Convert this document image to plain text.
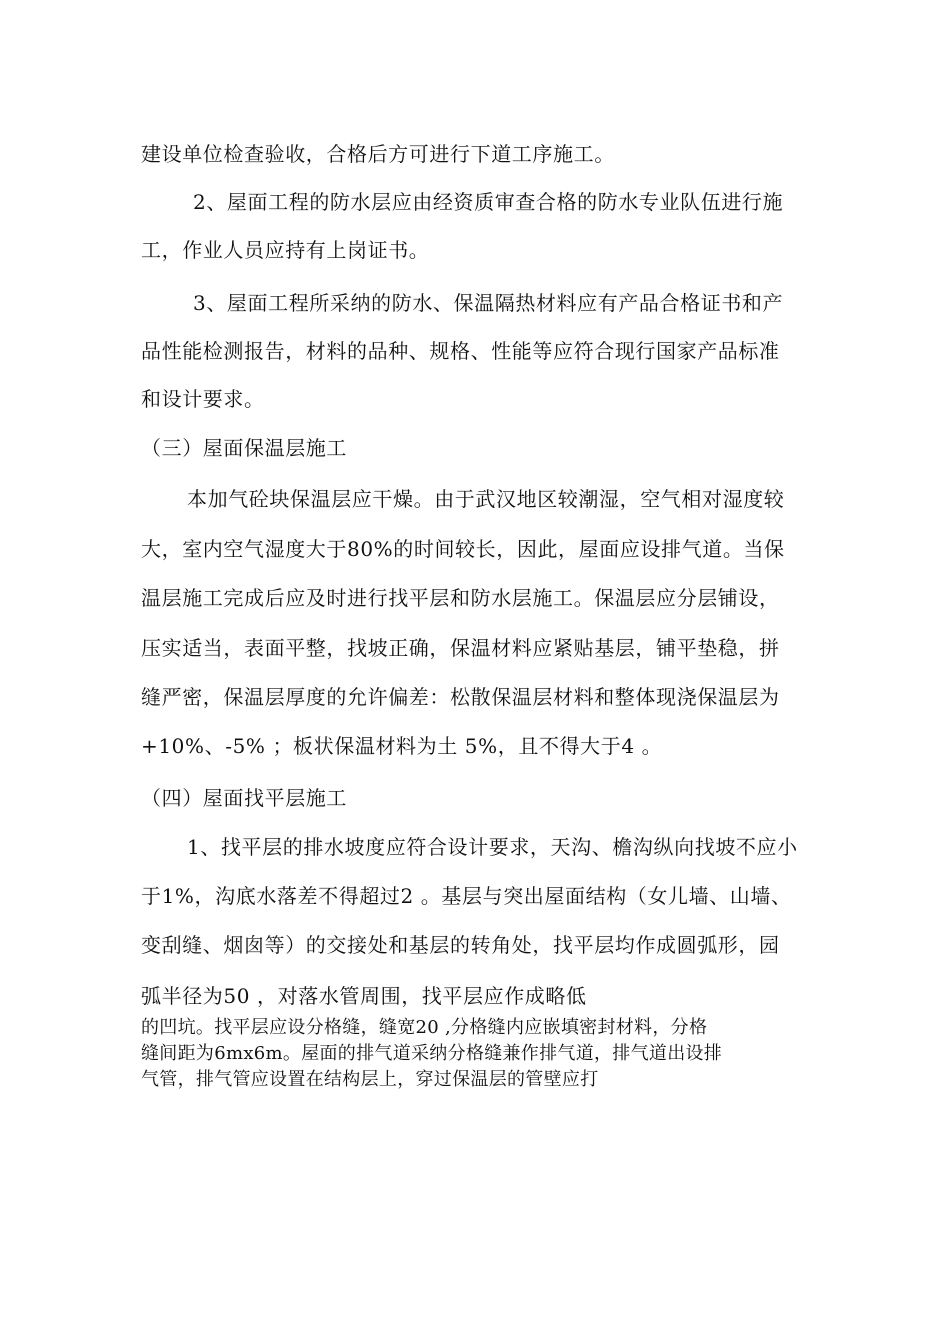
建设单位检查验收，合格后方可进行下道工序施工。
2、屋面工程的防水层应由经资质审查合格的防水专业队伍进行施
工，作业人员应持有上岗证书。
3、屋面工程所采纳的防水、保温隔热材料应有产品合格证书和产
品性能检测报告，材料的品种、规格、性能等应符合现行国家产品标准
和设计要求。
（三）屋面保温层施工
本加气砼块保温层应干燥。由于武汉地区较潮湿，空气相对湿度较
大，室内空气湿度大于80%的时间较长，因此，屋面应设排气道。当保
温层施工完成后应及时进行找平层和防水层施工。保温层应分层铺设，
压实适当，表面平整，找坡正确，保温材料应紧贴基层，铺平垫稳，拼
缝严密，保温层厚度的允许偏差：松散保温层材料和整体现浇保温层为
+10%、-5% ；板状保温材料为土 5%，且不得大于4 。
（四）屋面找平层施工
1、找平层的排水坡度应符合设计要求，天沟、檐沟纵向找坡不应小
于1%，沟底水落差不得超过2 。基层与突出屋面结构（女儿墙、山墙、
变刮缝、烟囱等）的交接处和基层的转角处，找平层均作成圆弧形，园
弧半径为50 ，对落水管周围，找平层应作成略低
的凹坑。找平层应设分格缝，缝宽20 ,分格缝内应嵌填密封材料，分格
缝间距为6mx6m。屋面的排气道采纳分格缝兼作排气道，排气道出设排
气管，排气管应设置在结构层上，穿过保温层的管壁应打
